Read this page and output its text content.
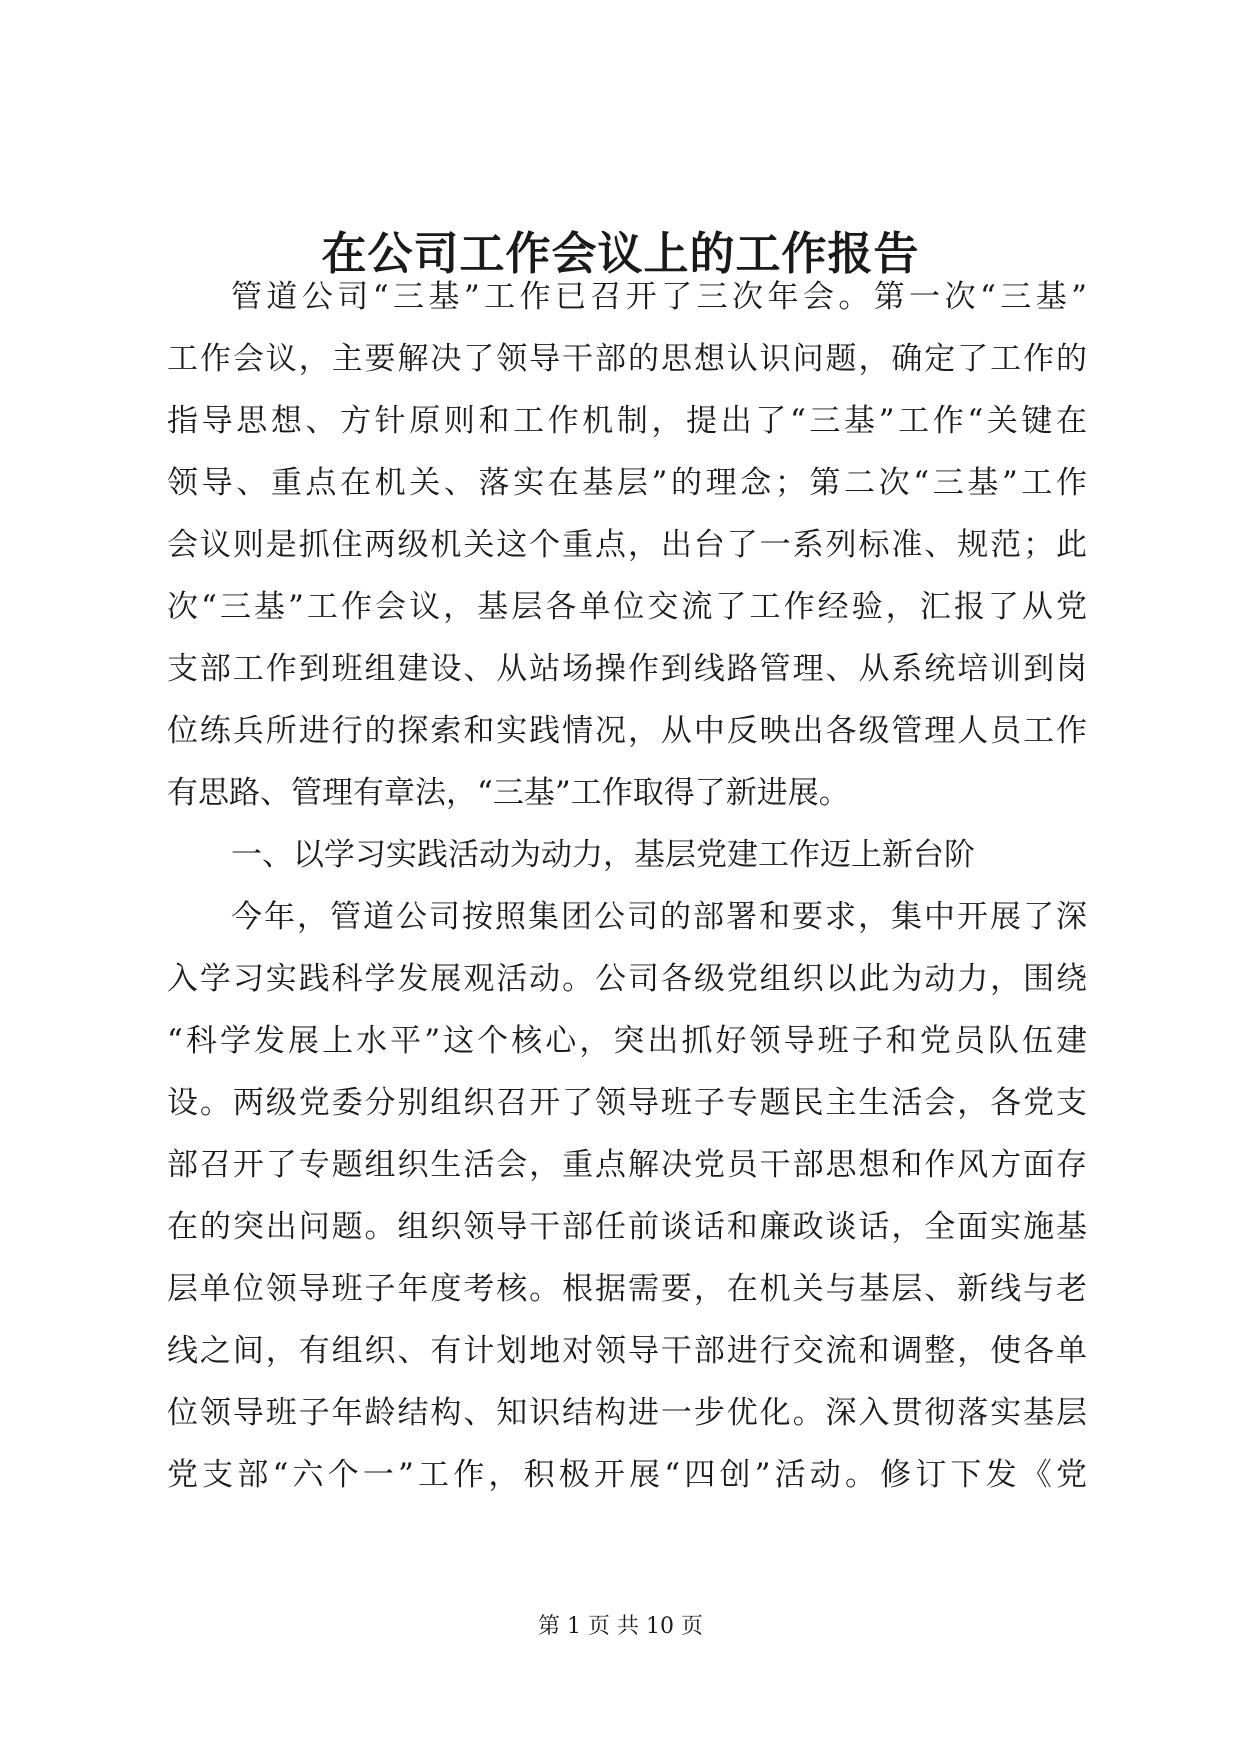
在公司工作会议上的工作报告
管道公司“三基”工作已召开了三次年会。第一次“三基”
工作会议，主要解决了领导干部的思想认识问题，确定了工作的
指导思想、方针原则和工作机制，提出了“三基”工作“关键在
领导、重点在机关、落实在基层”的理念；第二次“三基”工作
会议则是抓住两级机关这个重点，出台了一系列标准、规范；此
次“三基”工作会议，基层各单位交流了工作经验，汇报了从党
支部工作到班组建设、从站场操作到线路管理、从系统培训到岗
位练兵所进行的探索和实践情况，从中反映出各级管理人员工作
有思路、管理有章法，“三基”工作取得了新进展。
一、以学习实践活动为动力，基层党建工作迈上新台阶
今年，管道公司按照集团公司的部署和要求，集中开展了深
入学习实践科学发展观活动。公司各级党组织以此为动力，围绕
“科学发展上水平”这个核心，突出抓好领导班子和党员队伍建
设。两级党委分别组织召开了领导班子专题民主生活会，各党支
部召开了专题组织生活会，重点解决党员干部思想和作风方面存
在的突出问题。组织领导干部任前谈话和廉政谈话，全面实施基
层单位领导班子年度考核。根据需要，在机关与基层、新线与老
线之间，有组织、有计划地对领导干部进行交流和调整，使各单
位领导班子年龄结构、知识结构进一步优化。深入贯彻落实基层
党支部“六个一”工作，积极开展“四创”活动。修订下发《党
第 1 页 共 10 页
